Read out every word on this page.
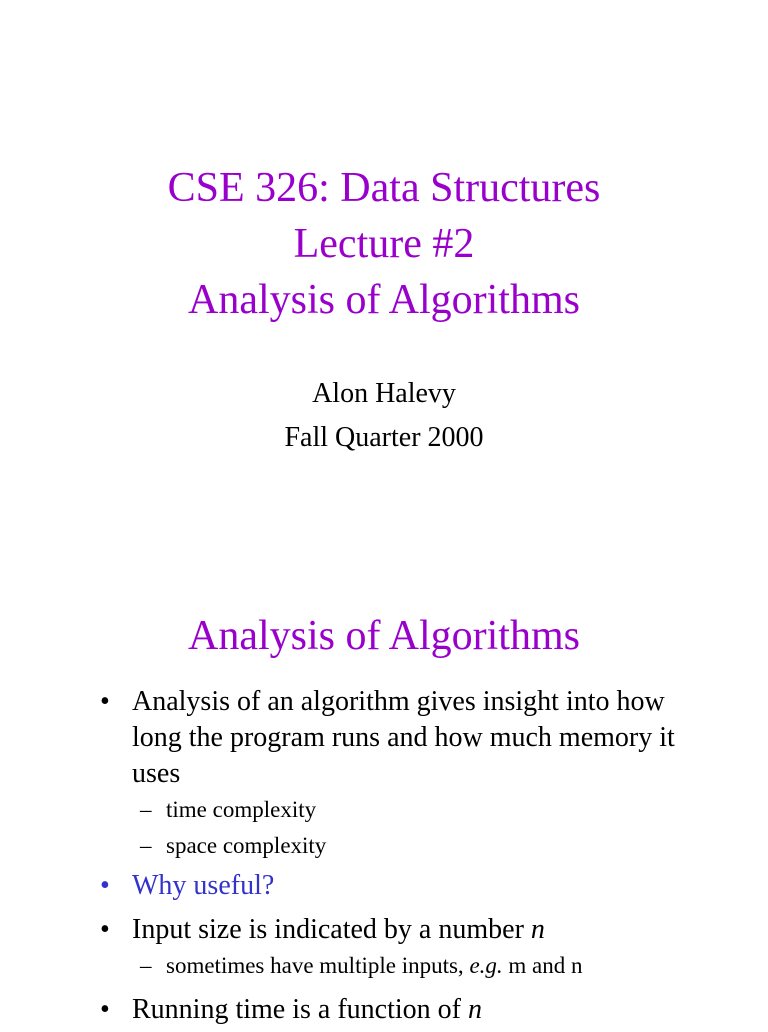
CSE 326: Data Structures
Lecture #2
Analysis of Algorithms
Alon Halevy
Fall Quarter 2000
Analysis of Algorithms
• Analysis of an algorithm gives insight into how long the program runs and how much memory it uses
– time complexity
– space complexity
• Why useful?
• Input size is indicated by a number n
– sometimes have multiple inputs, e.g. m and n
• Running time is a function of n
